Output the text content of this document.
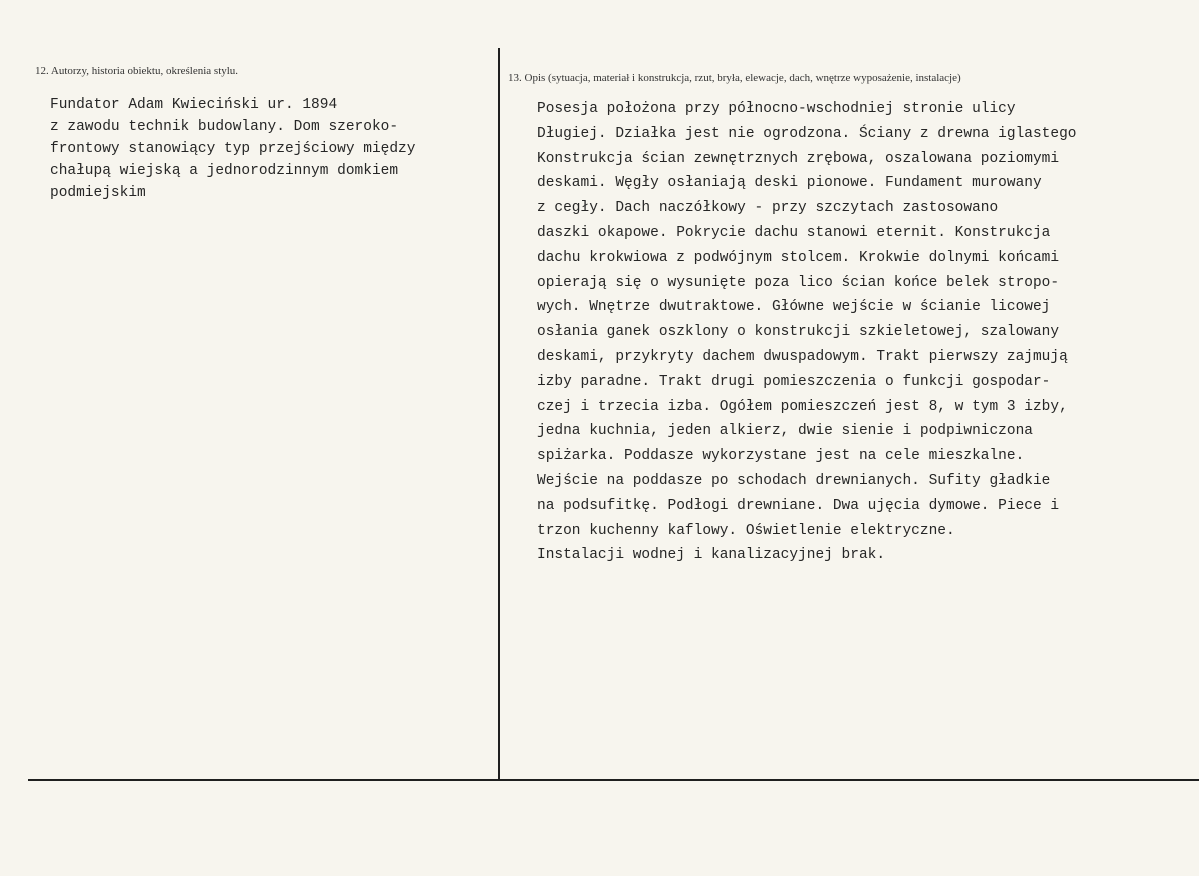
12. Autorzy, historia obiektu, określenia stylu.
Fundator Adam Kwieciński ur. 1894
z zawodu technik budowlany. Dom szeroko-
frontowy stanowiący typ przejściowy między
chałupą wiejską a jednorodzinnym domkiem
podmiejskim
13. Opis (sytuacja, materiał i konstrukcja, rzut, bryła, elewacje, dach, wnętrze wyposażenie, instalacje)
Posesja położona przy północno-wschodniej stronie ulicy
Długiej. Działka jest nie ogrodzona. Ściany z drewna iglastego
Konstrukcja ścian zewnętrznych zrębowa, oszalowana poziomymi
deskami. Węgły osłaniają deski pionowe. Fundament murowany
z cegły. Dach naczółkowy - przy szczytach zastosowano
daszki okapowe. Pokrycie dachu stanowi eternit. Konstrukcja
dachu krokwiowa z podwójnym stolcem. Krokwie dolnymi końcami
opierają się o wysunięte poza lico ścian końce belek stropo-
wych. Wnętrze dwutraktowe. Główne wejście w ścianie licowej
osłania ganek oszklony o konstrukcji szkieletowej, szalowany
deskami, przykryty dachem dwuspadowym. Trakt pierwszy zajmują
izby paradne. Trakt drugi pomieszczenia o funkcji gospodar-
czej i trzecia izba. Ogółem pomieszczeń jest 8, w tym 3 izby,
jedna kuchnia, jeden alkierz, dwie sienie i podpiwniczona
spiżarka. Poddasze wykorzystane jest na cele mieszkalne.
Wejście na poddasze po schodach drewnianych. Sufity gładkie
na podsufitkę. Podłogi drewniane. Dwa ujęcia dymowe. Piece i
trzon kuchenny kaflowy. Oświetlenie elektryczne.
Instalacji wodnej i kanalizacyjnej brak.
